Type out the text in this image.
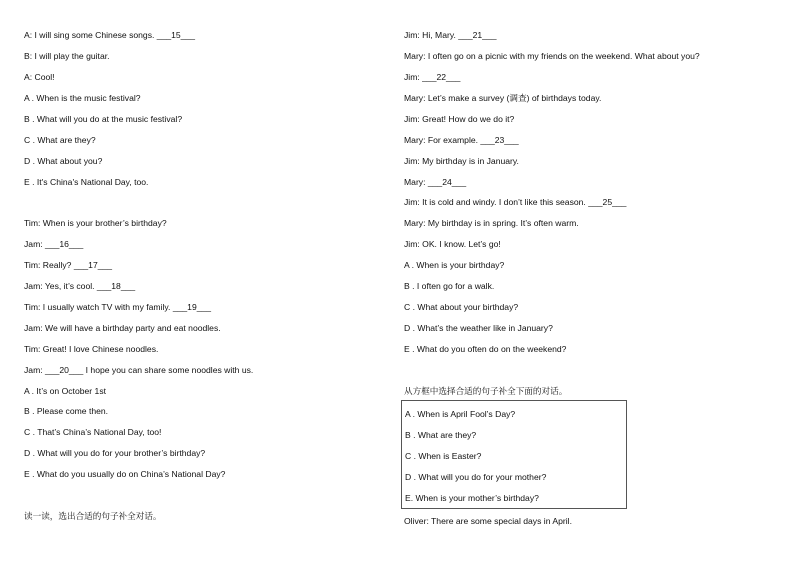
A: I will sing some Chinese songs. ___15___
B: I will play the guitar.
A: Cool!
A . When is the music festival?
B . What will you do at the music festival?
C . What are they?
D . What about you?
E . It's China's National Day, too.
Tim: When is your brother’s birthday?
Jam: ___16___
Tim: Really? ___17___
Jam: Yes, it’s cool. ___18___
Tim: I usually watch TV with my family. ___19___
Jam: We will have a birthday party and eat noodles.
Tim: Great! I love Chinese noodles.
Jam: ___20___ I hope you can share some noodles with us.
A . It’s on October 1st
B . Please come then.
C . That’s China’s National Day, too!
D . What will you do for your brother’s birthday?
E . What do you usually do on China’s National Day?
读一读，选出合适的句子补全对话。
Jim: Hi, Mary. ___21___
Mary: I often go on a picnic with my friends on the weekend. What about you?
Jim: ___22___
Mary: Let’s make a survey (调查) of birthdays today.
Jim: Great! How do we do it?
Mary: For example. ___23___
Jim: My birthday is in January.
Mary: ___24___
Jim: It is cold and windy. I don’t like this season. ___25___
Mary: My birthday is in spring. It’s often warm.
Jim: OK. I know. Let’s go!
A . When is your birthday?
B . I often go for a walk.
C . What about your birthday?
D . What’s the weather like in January?
E . What do you often do on the weekend?
从方框中选择合适的句子补全下面的对话。
Oliver: There are some special days in April.
A . When is April Fool’s Day?
B . What are they?
C . When is Easter?
D . What will you do for your mother?
E. When is your mother’s birthday?
